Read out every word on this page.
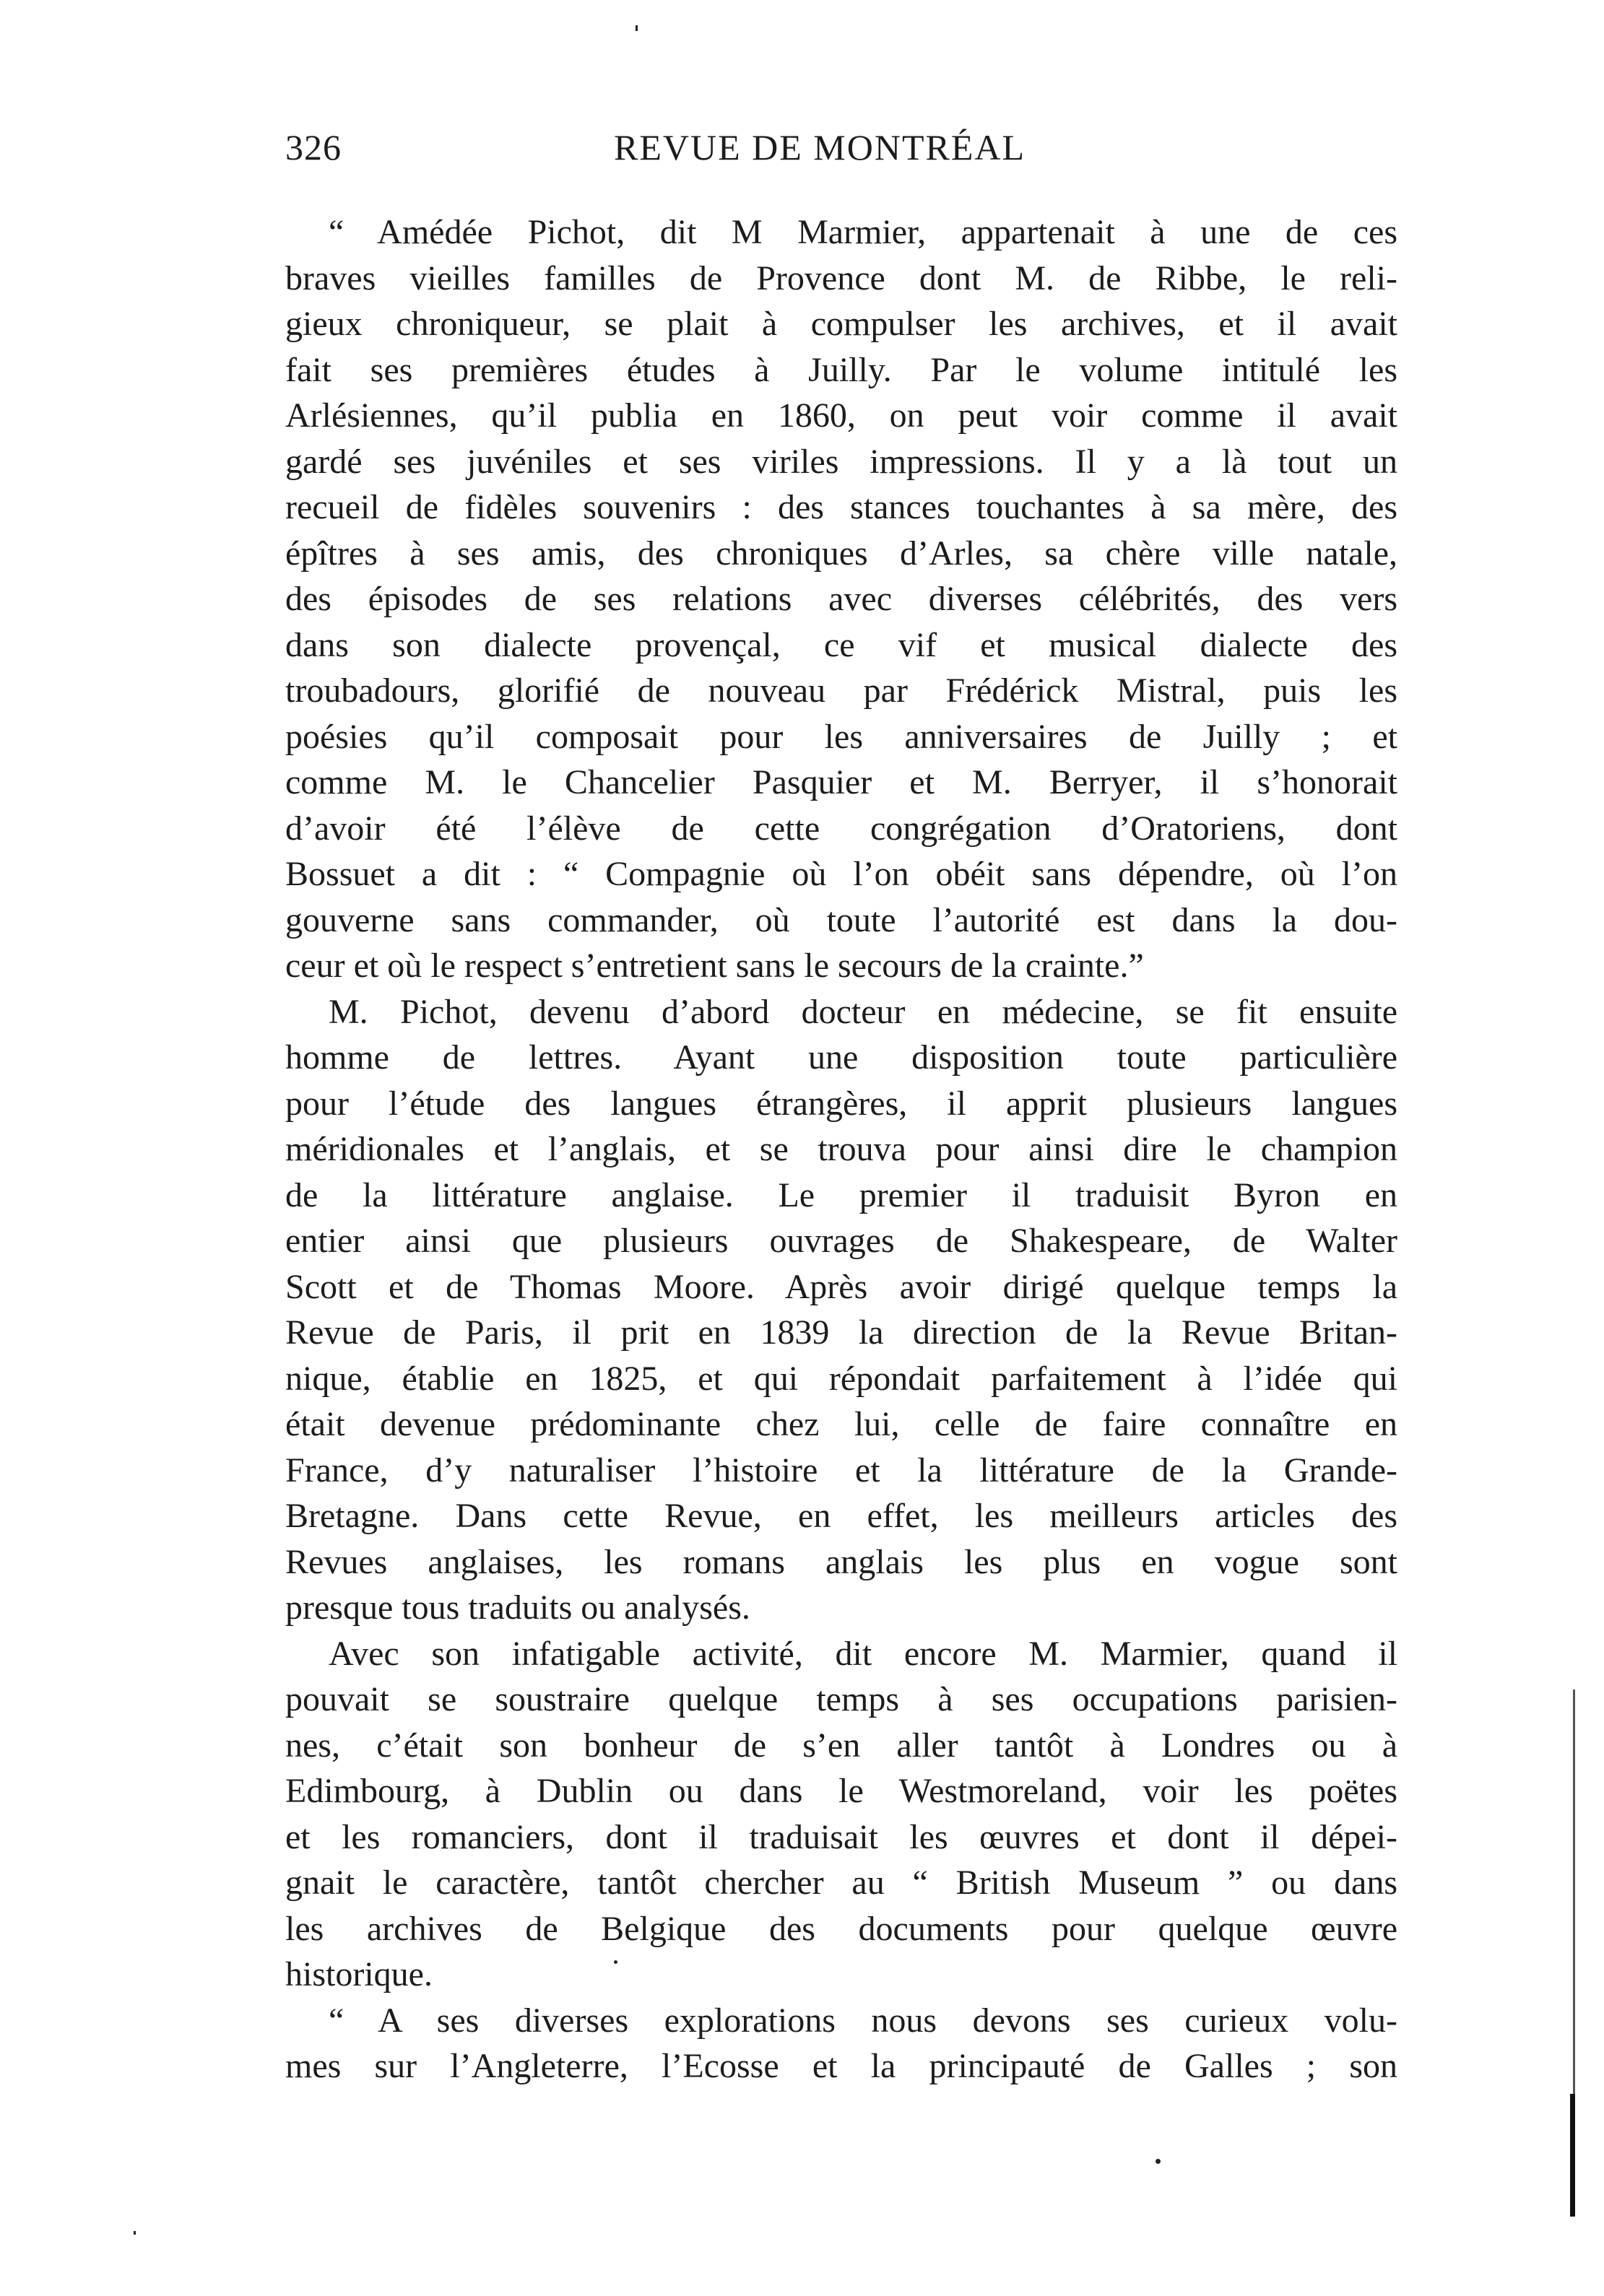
326	REVUE DE MONTRÉAL
“ Amédée Pichot, dit M Marmier, appartenait à une de ces
braves vieilles familles de Provence dont M. de Ribbe, le reli-
gieux chroniqueur, se plait à compulser les archives, et il avait
fait ses premières études à Juilly. Par le volume intitulé les
Arlésiennes, qu’il publia en 1860, on peut voir comme il avait
gardé ses juvéniles et ses viriles impressions. Il y a là tout un
recueil de fidèles souvenirs : des stances touchantes à sa mère, des
épîtres à ses amis, des chroniques d’Arles, sa chère ville natale,
des épisodes de ses relations avec diverses célébrités, des vers
dans son dialecte provençal, ce vif et musical dialecte des
troubadours, glorifié de nouveau par Frédérick Mistral, puis les
poésies qu’il composait pour les anniversaires de Juilly ; et
comme M. le Chancelier Pasquier et M. Berryer, il s’honorait
d’avoir été l’élève de cette congrégation d’Oratoriens, dont
Bossuet a dit : “ Compagnie où l’on obéit sans dépendre, où l’on
gouverne sans commander, où toute l’autorité est dans la dou-
ceur et où le respect s’entretient sans le secours de la crainte.”
M. Pichot, devenu d’abord docteur en médecine, se fit ensuite
homme de lettres. Ayant une disposition toute particulière
pour l’étude des langues étrangères, il apprit plusieurs langues
méridionales et l’anglais, et se trouva pour ainsi dire le champion
de la littérature anglaise. Le premier il traduisit Byron en
entier ainsi que plusieurs ouvrages de Shakespeare, de Walter
Scott et de Thomas Moore. Après avoir dirigé quelque temps la
Revue de Paris, il prit en 1839 la direction de la Revue Britan-
nique, établie en 1825, et qui répondait parfaitement à l’idée qui
était devenue prédominante chez lui, celle de faire connaître en
France, d’y naturaliser l’histoire et la littérature de la Grande-
Bretagne. Dans cette Revue, en effet, les meilleurs articles des
Revues anglaises, les romans anglais les plus en vogue sont
presque tous traduits ou analysés.
Avec son infatigable activité, dit encore M. Marmier, quand il
pouvait se soustraire quelque temps à ses occupations parisien-
nes, c’était son bonheur de s’en aller tantôt à Londres ou à
Edimbourg, à Dublin ou dans le Westmoreland, voir les poëtes
et les romanciers, dont il traduisait les œuvres et dont il dépei-
gnait le caractère, tantôt chercher au “ British Museum ” ou dans
les archives de Belgique des documents pour quelque œuvre
historique.
“ A ses diverses explorations nous devons ses curieux volu-
mes sur l’Angleterre, l’Ecosse et la principauté de Galles ; son
